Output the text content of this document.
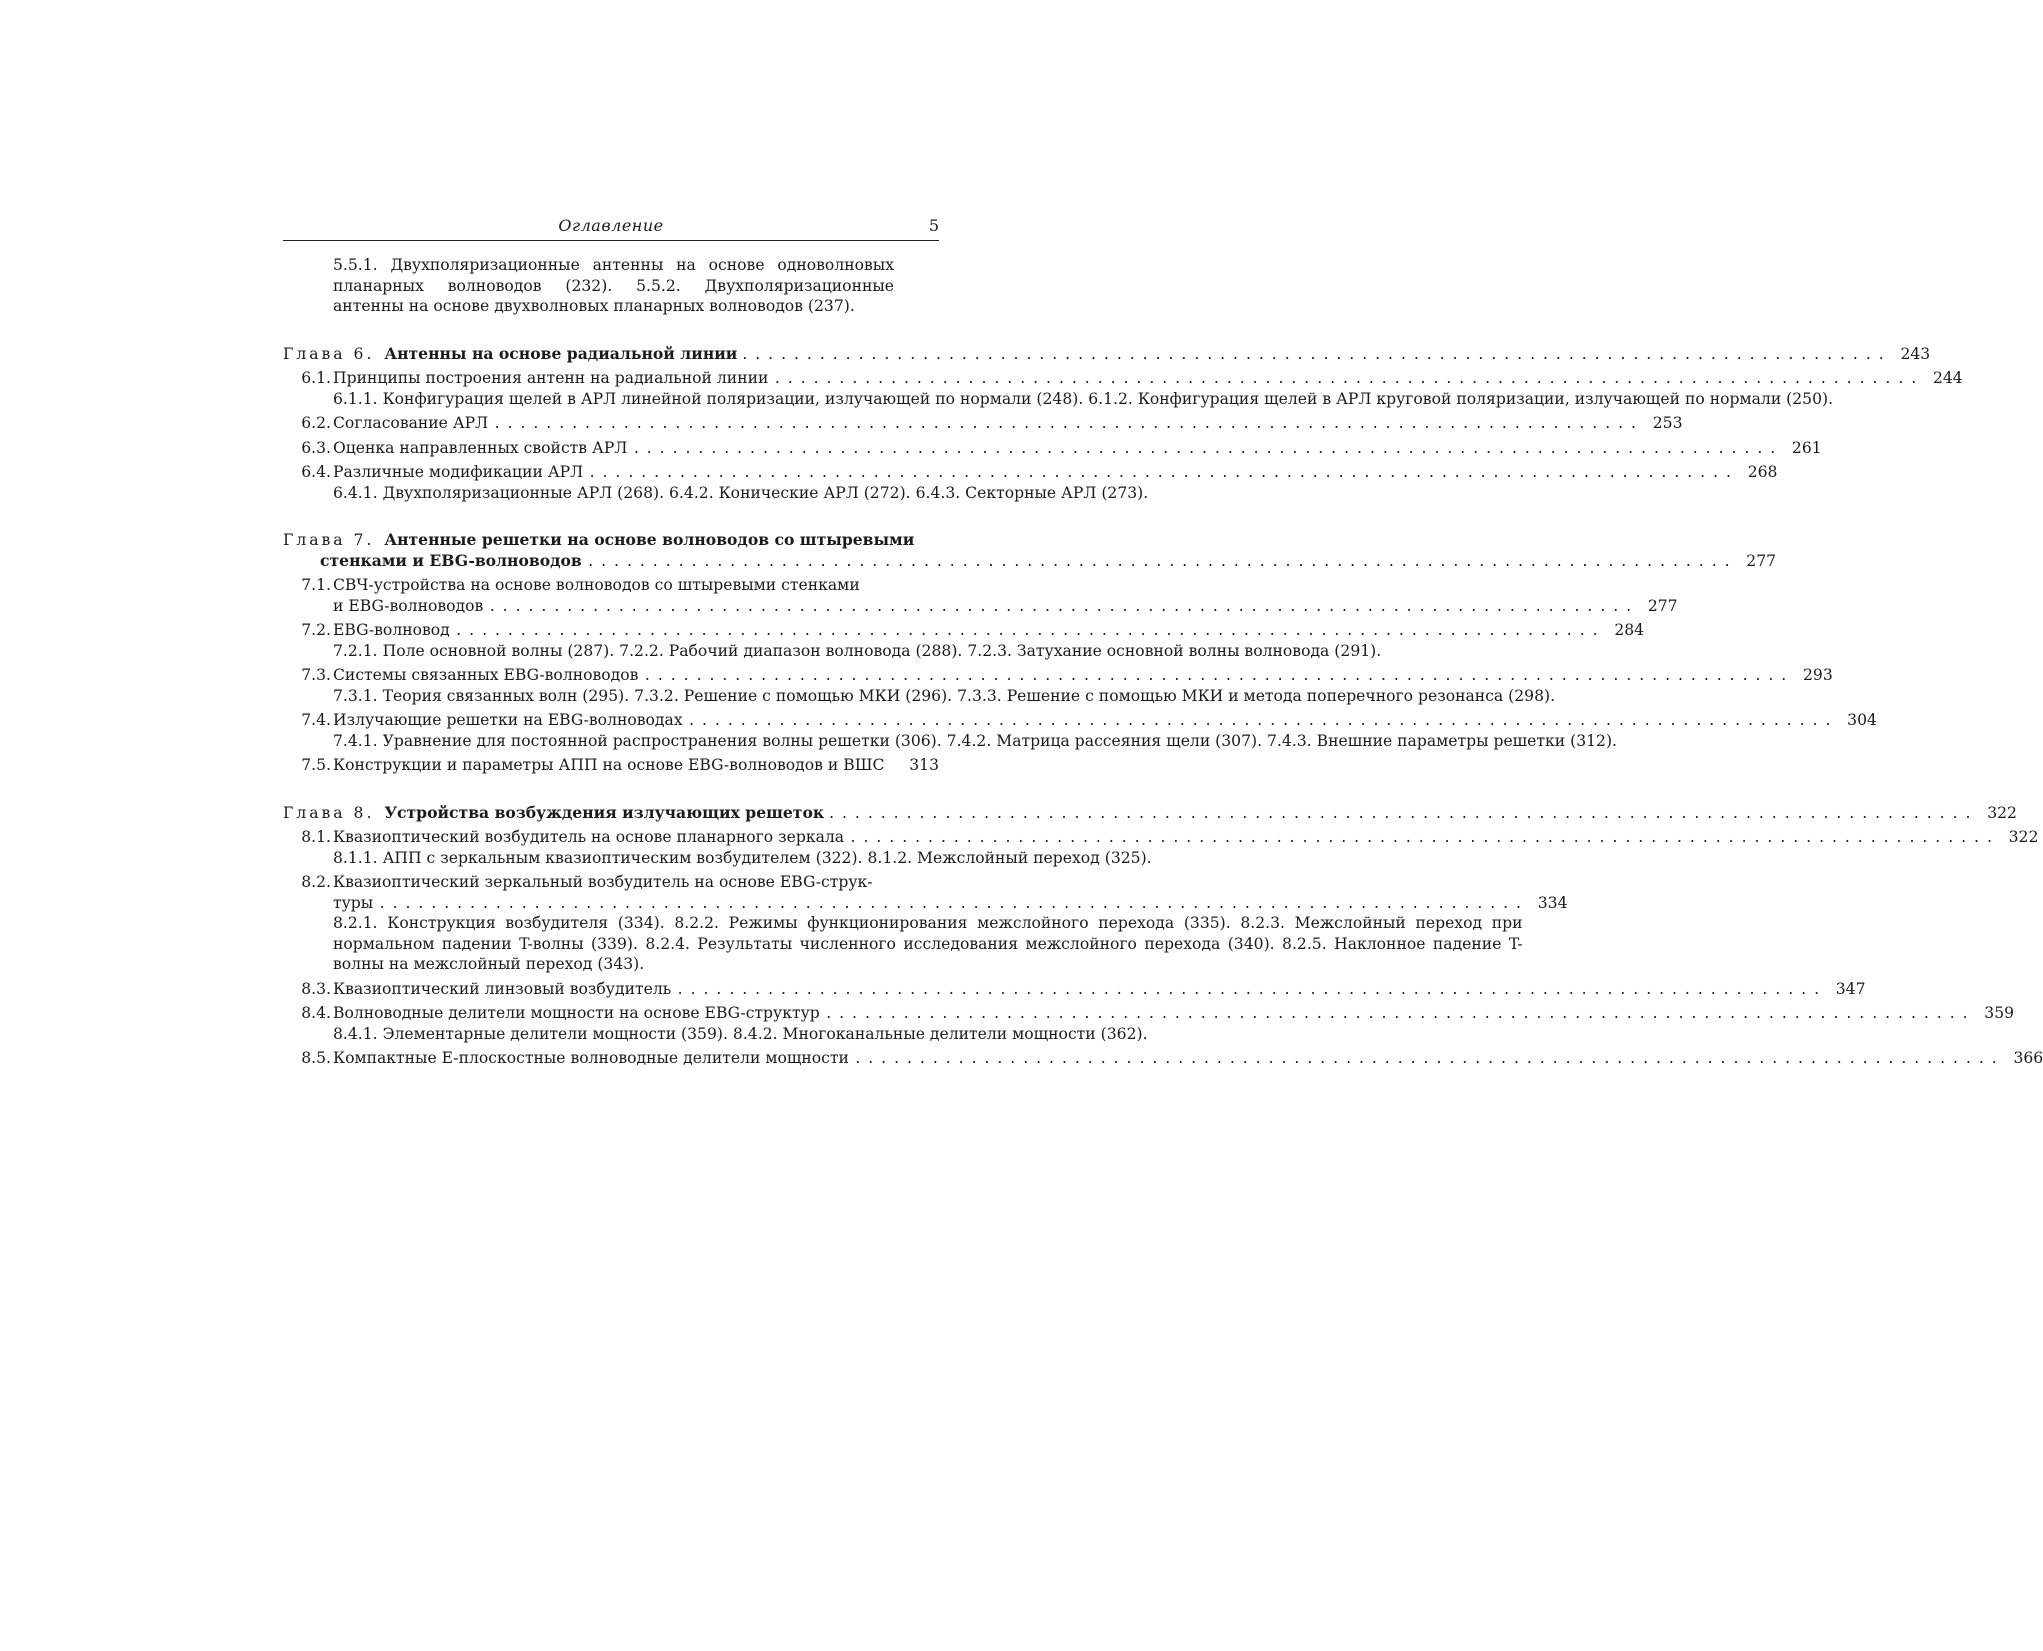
Оглавление	5

5.5.1. Двухполяризационные антенны на основе одноволновых планарных волноводов (232). 5.5.2. Двухполяризационные антенны на основе двухволновых планарных волноводов (237).

Глава 6. Антенны на основе радиальной линии . . .	243
6.1. Принципы построения антенн на радиальной линии . . .	244
6.1.1. Конфигурация щелей в АРЛ линейной поляризации, излучающей по нормали (248). 6.1.2. Конфигурация щелей в АРЛ круговой поляризации, излучающей по нормали (250).
6.2. Согласование АРЛ . . .	253
6.3. Оценка направленных свойств АРЛ . . .	261
6.4. Различные модификации АРЛ . . .	268
6.4.1. Двухполяризационные АРЛ (268). 6.4.2. Конические АРЛ (272). 6.4.3. Секторные АРЛ (273).
Глава 7. Антенные решетки на основе волноводов со штыревыми
стенками и EBG-волноводов . . .	277
7.1. СВЧ-устройства на основе волноводов со штыревыми стенками
и EBG-волноводов . . .	277
7.2. EBG-волновод . . .	284
7.2.1. Поле основной волны (287). 7.2.2. Рабочий диапазон волновода (288). 7.2.3. Затухание основной волны волновода (291).
7.3. Системы связанных EBG-волноводов . . .	293
7.3.1. Теория связанных волн (295). 7.3.2. Решение с помощью МКИ (296). 7.3.3. Решение с помощью МКИ и метода поперечного резонанса (298).
7.4. Излучающие решетки на EBG-волноводах . . .	304
7.4.1. Уравнение для постоянной распространения волны решетки (306). 7.4.2. Матрица рассеяния щели (307). 7.4.3. Внешние параметры решетки (312).
7.5. Конструкции и параметры АПП на основе EBG-волноводов и ВШС	313
Глава 8. Устройства возбуждения излучающих решеток . . .	322
8.1. Квазиоптический возбудитель на основе планарного зеркала . . .	322
8.1.1. АПП с зеркальным квазиоптическим возбудителем (322). 8.1.2. Межслойный переход (325).
8.2. Квазиоптический зеркальный возбудитель на основе EBG-струк-
туры . . .	334
8.2.1. Конструкция возбудителя (334). 8.2.2. Режимы функционирования межслойного перехода (335). 8.2.3. Межслойный переход при нормальном падении T-волны (339). 8.2.4. Результаты численного исследования межслойного перехода (340). 8.2.5. Наклонное падение T-волны на межслойный переход (343).
8.3. Квазиоптический линзовый возбудитель . . .	347
8.4. Волноводные делители мощности на основе EBG-структур . . .	359
8.4.1. Элементарные делители мощности (359). 8.4.2. Многоканальные делители мощности (362).
8.5. Компактные E-плоскостные волноводные делители мощности . . .	366
